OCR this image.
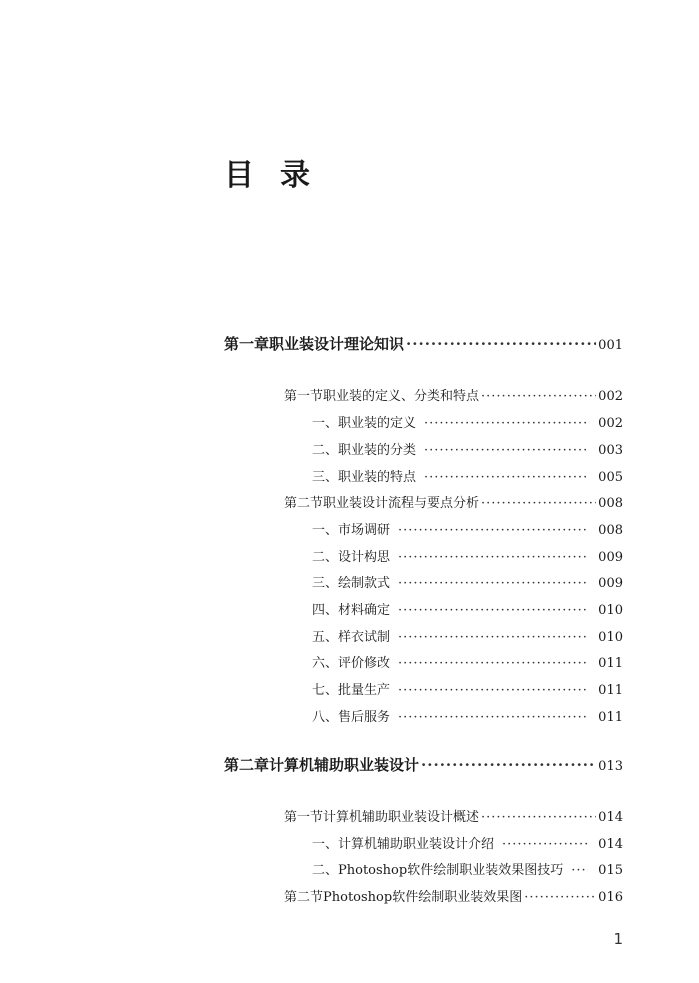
目 录
第一章 职业装设计理论知识 ·····	001
第一节 职业装的定义、分类和特点 ·····	002
一、职业装的定义 ·····	002
二、职业装的分类 ·····	003
三、职业装的特点 ·····	005
第二节 职业装设计流程与要点分析 ·····	008
一、市场调研 ·····	008
二、设计构思 ·····	009
三、绘制款式 ·····	009
四、材料确定 ·····	010
五、样衣试制 ·····	010
六、评价修改 ·····	011
七、批量生产 ·····	011
八、售后服务 ·····	011
第二章 计算机辅助职业装设计 ·····	013
第一节 计算机辅助职业装设计概述 ·····	014
一、计算机辅助职业装设计介绍 ·····	014
二、Photoshop软件绘制职业装效果图技巧 ·····	015
第二节 Photoshop软件绘制职业装效果图 ·····	016
1
